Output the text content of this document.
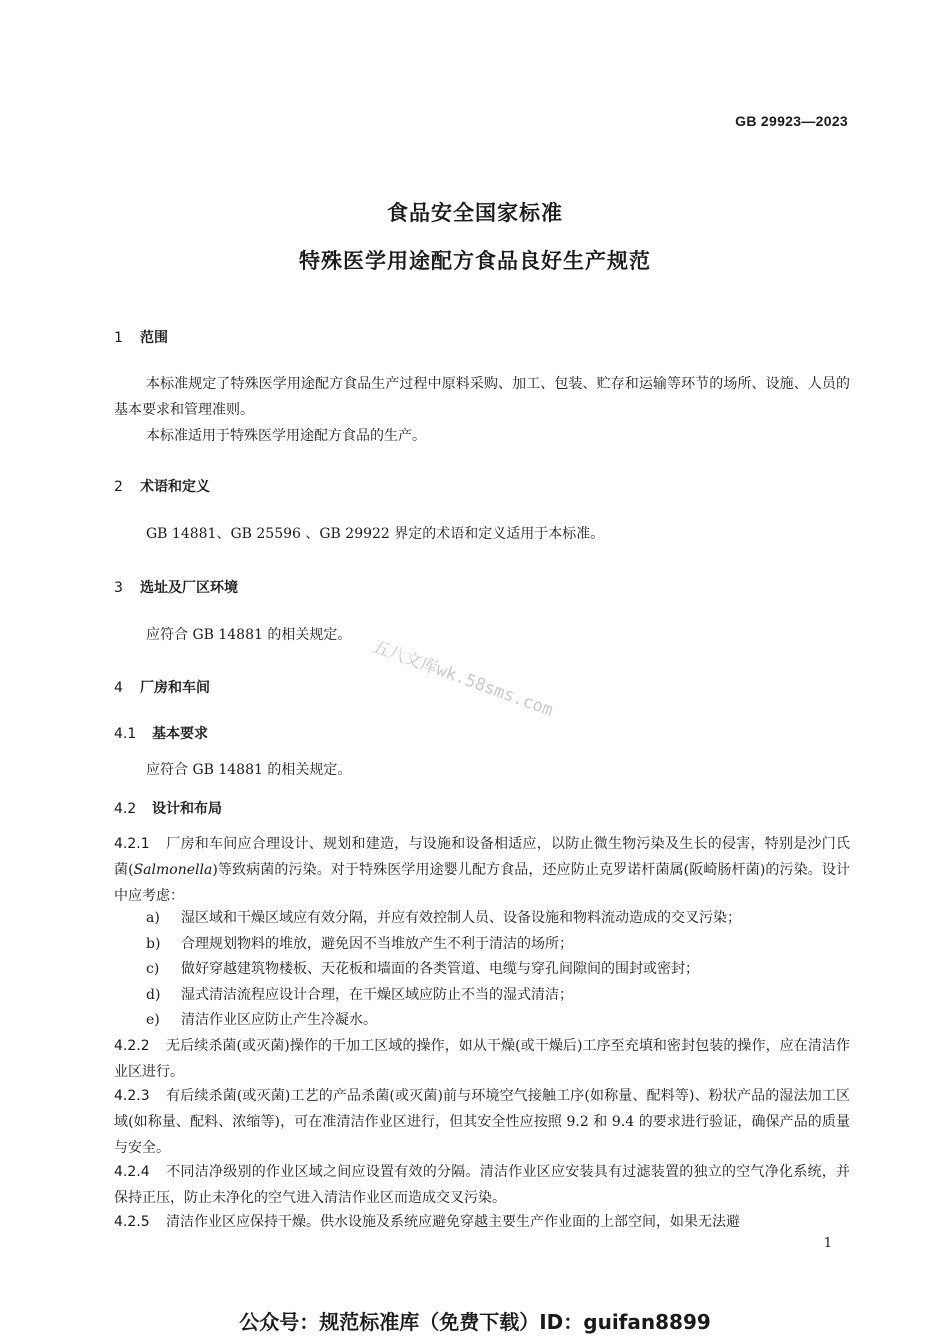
GB 29923—2023
食品安全国家标准
特殊医学用途配方食品良好生产规范
1 范围

本标准规定了特殊医学用途配方食品生产过程中原料采购、加工、包装、贮存和运输等环节的场所、设施、人员的基本要求和管理准则。

本标准适用于特殊医学用途配方食品的生产。

2 术语和定义
GB 14881、GB 25596 、GB 29922 界定的术语和定义适用于本标准。
3 选址及厂区环境
应符合 GB 14881 的相关规定。
4 厂房和车间
4.1 基本要求
应符合 GB 14881 的相关规定。
4.2 设计和布局

4.2.1 厂房和车间应合理设计、规划和建造，与设施和设备相适应，以防止微生物污染及生长的侵害，特别是沙门氏菌(Salmonella)等致病菌的污染。对于特殊医学用途婴儿配方食品，还应防止克罗诺杆菌属(阪崎肠杆菌)的污染。设计中应考虑：

a)	湿区域和干燥区域应有效分隔，并应有效控制人员、设备设施和物料流动造成的交叉污染；
b)	合理规划物料的堆放，避免因不当堆放产生不利于清洁的场所；
c)	做好穿越建筑物楼板、天花板和墙面的各类管道、电缆与穿孔间隙间的围封或密封；
d)	湿式清洁流程应设计合理，在干燥区域应防止不当的湿式清洁；
e)	清洁作业区应防止产生冷凝水。

4.2.2 无后续杀菌(或灭菌)操作的干加工区域的操作，如从干燥(或干燥后)工序至充填和密封包装的操作，应在清洁作业区进行。

4.2.3 有后续杀菌(或灭菌)工艺的产品杀菌(或灭菌)前与环境空气接触工序(如称量、配料等)、粉状产品的湿法加工区域(如称量、配料、浓缩等)，可在准清洁作业区进行，但其安全性应按照 9.2 和 9.4 的要求进行验证，确保产品的质量与安全。

4.2.4 不同洁净级别的作业区域之间应设置有效的分隔。清洁作业区应安装具有过滤装置的独立的空气净化系统，并保持正压，防止未净化的空气进入清洁作业区而造成交叉污染。

4.2.5 清洁作业区应保持干燥。供水设施及系统应避免穿越主要生产作业面的上部空间，如果无法避

五八文库wk.58sms.com
1
公众号：规范标准库（免费下载）ID：guifan8899
